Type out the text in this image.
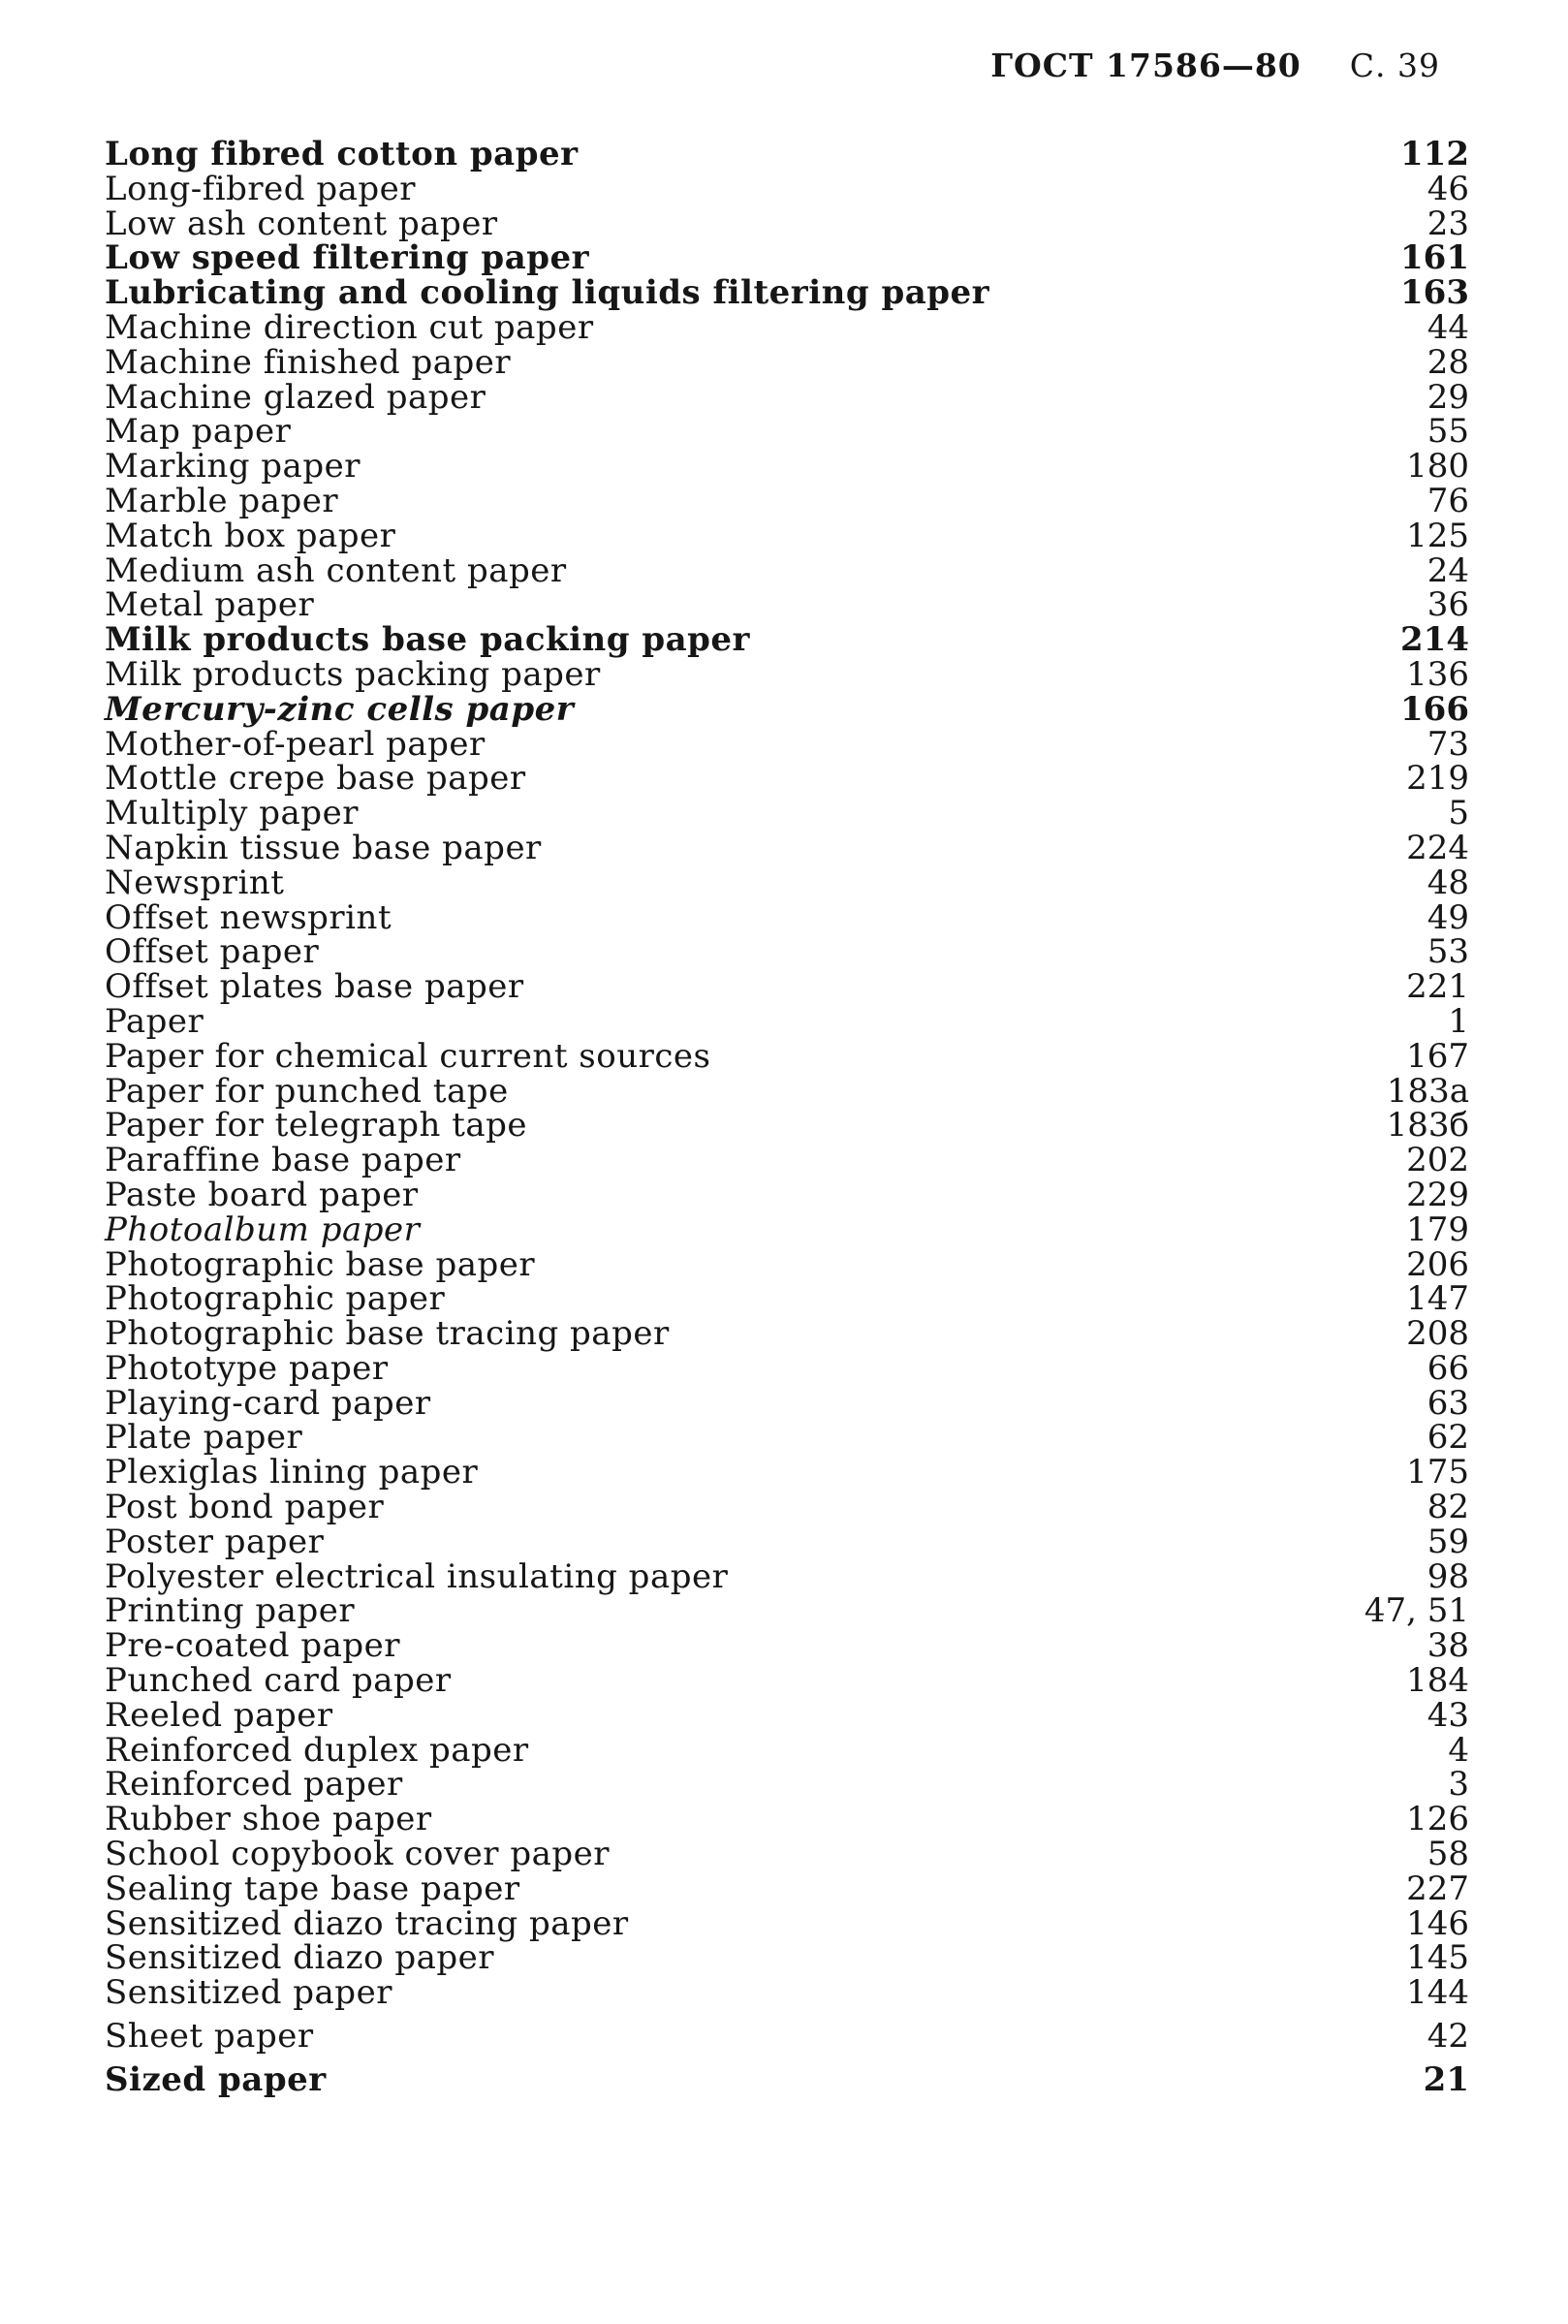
ГОСТ 17586—80 С. 39
Long fibred cotton paper	112
Long-fibred paper	46
Low ash content paper	23
Low speed filtering paper	161
Lubricating and cooling liquids filtering paper	163
Machine direction cut paper	44
Machine finished paper	28
Machine glazed paper	29
Map paper	55
Marking paper	180
Marble paper	76
Match box paper	125
Medium ash content paper	24
Metal paper	36
Milk products base packing paper	214
Milk products packing paper	136
Mercury-zinc cells paper	166
Mother-of-pearl paper	73
Mottle crepe base paper	219
Multiply paper	5
Napkin tissue base paper	224
Newsprint	48
Offset newsprint	49
Offset paper	53
Offset plates base paper	221
Paper	1
Paper for chemical current sources	167
Paper for punched tape	183a
Paper for telegraph tape	183б
Paraffine base paper	202
Paste board paper	229
Photoalbum paper	179
Photographic base paper	206
Photographic paper	147
Photographic base tracing paper	208
Phototype paper	66
Playing-card paper	63
Plate paper	62
Plexiglas lining paper	175
Post bond paper	82
Poster paper	59
Polyester electrical insulating paper	98
Printing paper	47, 51
Pre-coated paper	38
Punched card paper	184
Reeled paper	43
Reinforced duplex paper	4
Reinforced paper	3
Rubber shoe paper	126
School copybook cover paper	58
Sealing tape base paper	227
Sensitized diazo tracing paper	146
Sensitized diazo paper	145
Sensitized paper	144
Sheet paper	42
Sized paper	21
